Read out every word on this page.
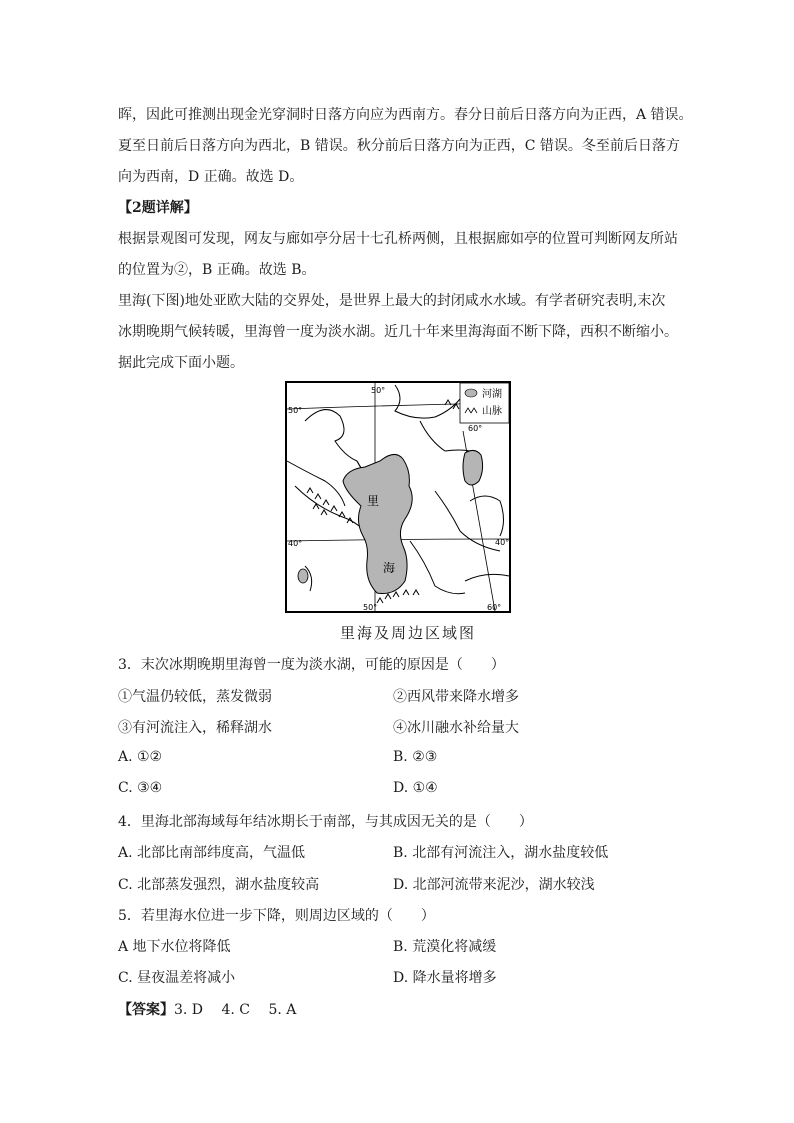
晖，因此可推测出现金光穿洞时日落方向应为西南方。春分日前后日落方向为正西，A 错误。
夏至日前后日落方向为西北，B 错误。秋分前后日落方向为正西，C 错误。冬至前后日落方
向为西南，D 正确。故选 D。
【2题详解】
根据景观图可发现，网友与廊如亭分居十七孔桥两侧，且根据廊如亭的位置可判断网友所站
的位置为②，B 正确。故选 B。
里海(下图)地处亚欧大陆的交界处，是世界上最大的封闭咸水水域。有学者研究表明,末次
冰期晚期气候转暖，里海曾一度为淡水湖。近几十年来里海海面不断下降，西积不断缩小。
据此完成下面小题。
河湖
山脉
50°
60°
50°
40°	40°
50°	60°
里
海
里海及周边区域图
3．末次冰期晚期里海曾一度为淡水湖，可能的原因是（　　）
①气温仍较低，蒸发微弱	②西风带来降水增多
③有河流注入，稀释湖水	④冰川融水补给量大
A. ①②	B. ②③
C. ③④	D. ①④
4．里海北部海域每年结冰期长于南部，与其成因无关的是（　　）
A. 北部比南部纬度高，气温低	B. 北部有河流注入，湖水盐度较低
C. 北部蒸发强烈，湖水盐度较高	D. 北部河流带来泥沙，湖水较浅
5．若里海水位进一步下降，则周边区域的（　　）
A 地下水位将降低	B. 荒漠化将减缓
C. 昼夜温差将减小	D. 降水量将增多
【答案】3. D　 4. C　 5. A
